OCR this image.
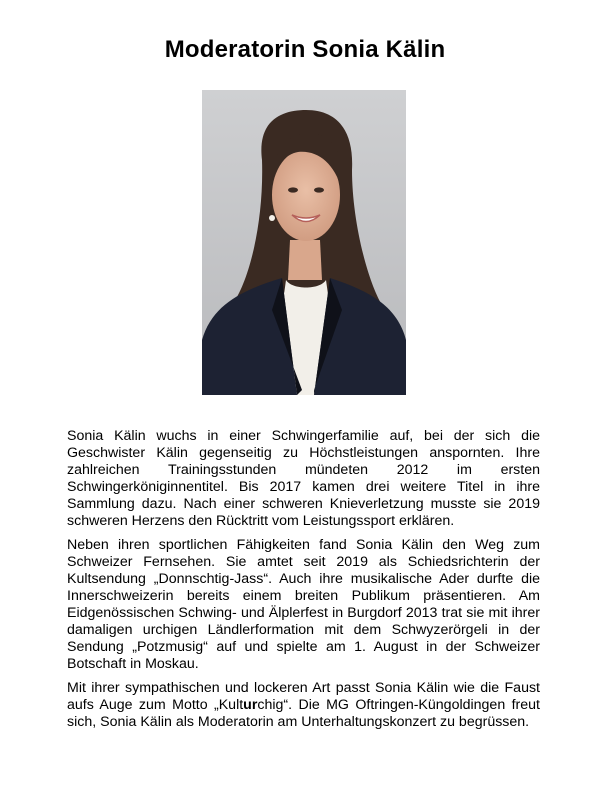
Moderatorin Sonia Kälin

Sonia Kälin wuchs in einer Schwingerfamilie auf, bei der sich die Geschwister Kälin gegenseitig zu Höchstleistungen anspornten. Ihre zahlreichen Trainingsstunden mündeten 2012 im ersten Schwingerköniginnentitel. Bis 2017 kamen drei weitere Titel in ihre Sammlung dazu. Nach einer schweren Knieverletzung musste sie 2019 schweren Herzens den Rücktritt vom Leistungssport erklären.

Neben ihren sportlichen Fähigkeiten fand Sonia Kälin den Weg zum Schweizer Fernsehen. Sie amtet seit 2019 als Schiedsrichterin der Kultsendung „Donnschtig-Jass“. Auch ihre musikalische Ader durfte die Innerschweizerin bereits einem breiten Publikum präsentieren. Am Eidgenössischen Schwing- und Älplerfest in Burgdorf 2013 trat sie mit ihrer damaligen urchigen Ländlerformation mit dem Schwyzerörgeli in der Sendung „Potzmusig“ auf und spielte am 1. August in der Schweizer Botschaft in Moskau.

Mit ihrer sympathischen und lockeren Art passt Sonia Kälin wie die Faust aufs Auge zum Motto „Kulturchig“. Die MG Oftringen-Küngoldingen freut sich, Sonia Kälin als Moderatorin am Unterhaltungskonzert zu begrüssen.
